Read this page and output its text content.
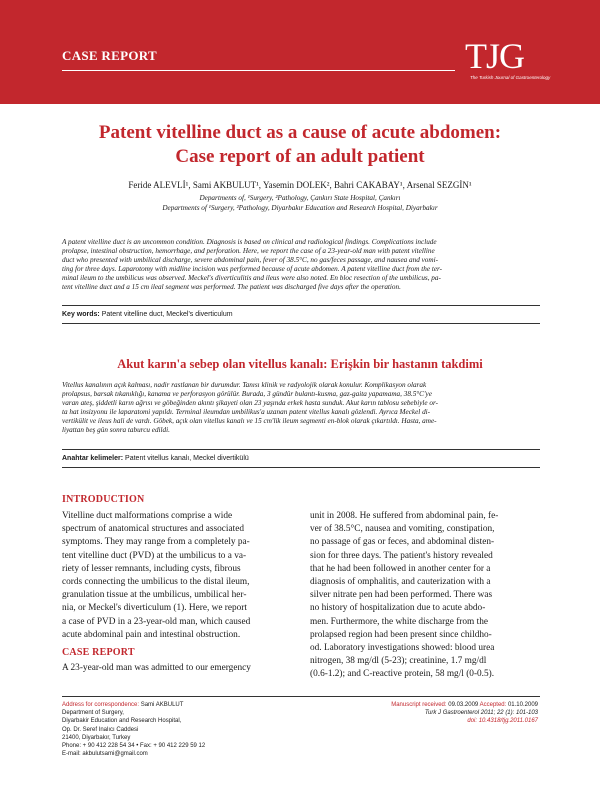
CASE REPORT	TJG
The Turkish Journal of Gastroenterology
Patent vitelline duct as a cause of acute abdomen:
Case report of an adult patient
Feride ALEVLİ¹, Sami AKBULUT¹, Yasemin DOLEK², Bahri CAKABAY¹, Arsenal SEZGİN¹
Departments of, ¹Surgery, ²Pathology, Çankırı State Hospital, Çankırı
Departments of ¹Surgery, ²Pathology, Diyarbakır Education and Research Hospital, Diyarbakır
A patent vitelline duct is an uncommon condition. Diagnosis is based on clinical and radiological findings. Complications include
prolapse, intestinal obstruction, hemorrhage, and perforation. Here, we report the case of a 23-year-old man with patent vitelline
duct who presented with umbilical discharge, severe abdominal pain, fever of 38.5°C, no gas/feces passage, and nausea and vomi-
ting for three days. Laparotomy with midline incision was performed because of acute abdomen. A patent vitelline duct from the ter-
minal ileum to the umbilicus was observed. Meckel's diverticulitis and ileus were also noted. En bloc resection of the umbilicus, pa-
tent vitelline duct and a 15 cm ileal segment was performed. The patient was discharged five days after the operation.
Key words: Patent vitelline duct, Meckel's diverticulum
Akut karın'a sebep olan vitellus kanalı: Erişkin bir hastanın takdimi
Vitellus kanalının açık kalması, nadir rastlanan bir durumdur. Tanısı klinik ve radyolojik olarak konulur. Komplikasyon olarak
prolapsus, barsak tıkanıklığı, kanama ve perforasyon görülür. Burada, 3 gündür bulantı-kusma, gaz-gaita yapamama, 38.5°C'ye
varan ateş, şiddetli karın ağrısı ve göbeğinden akıntı şikayeti olan 23 yaşında erkek hasta sunduk. Akut karın tablosu sebebiyle or-
ta hat insizyonu ile laparatomi yapıldı. Terminal ileumdan umbilikus'a uzanan patent vitellus kanalı gözlendi. Ayrıca Meckel di-
vertikülit ve ileus hali de vardı. Göbek, açık olan vitellus kanalı ve 15 cm'lik ileum segmenti en-blok olarak çıkartıldı. Hasta, ame-
liyattan beş gün sonra taburcu edildi.
Anahtar kelimeler: Patent vitellus kanalı, Meckel divertikülü
INTRODUCTION
Vitelline duct malformations comprise a wide
spectrum of anatomical structures and associated
symptoms. They may range from a completely pa-
tent vitelline duct (PVD) at the umbilicus to a va-
riety of lesser remnants, including cysts, fibrous
cords connecting the umbilicus to the distal ileum,
granulation tissue at the umbilicus, umbilical her-
nia, or Meckel's diverticulum (1). Here, we report
a case of PVD in a 23-year-old man, which caused
acute abdominal pain and intestinal obstruction.
CASE REPORT
A 23-year-old man was admitted to our emergency
unit in 2008. He suffered from abdominal pain, fe-
ver of 38.5°C, nausea and vomiting, constipation,
no passage of gas or feces, and abdominal disten-
sion for three days. The patient's history revealed
that he had been followed in another center for a
diagnosis of omphalitis, and cauterization with a
silver nitrate pen had been performed. There was
no history of hospitalization due to acute abdo-
men. Furthermore, the white discharge from the
prolapsed region had been present since childho-
od. Laboratory investigations showed: blood urea
nitrogen, 38 mg/dl (5-23); creatinine, 1.7 mg/dl
(0.6-1.2); and C-reactive protein, 58 mg/l (0-0.5).
Address for correspondence: Sami AKBULUT
Department of Surgery,
Diyarbakir Education and Research Hospital,
Op. Dr. Seref Inalıcı Caddesi
21400, Diyarbakır, Turkey
Phone: + 90 412 228 54 34 • Fax: + 90 412 229 59 12
E-mail: akbulutsami@gmail.com
Manuscript received: 09.03.2009 Accepted: 01.10.2009
Turk J Gastroenterol 2011; 22 (1): 101-103
doi: 10.4318/tjg.2011.0167
